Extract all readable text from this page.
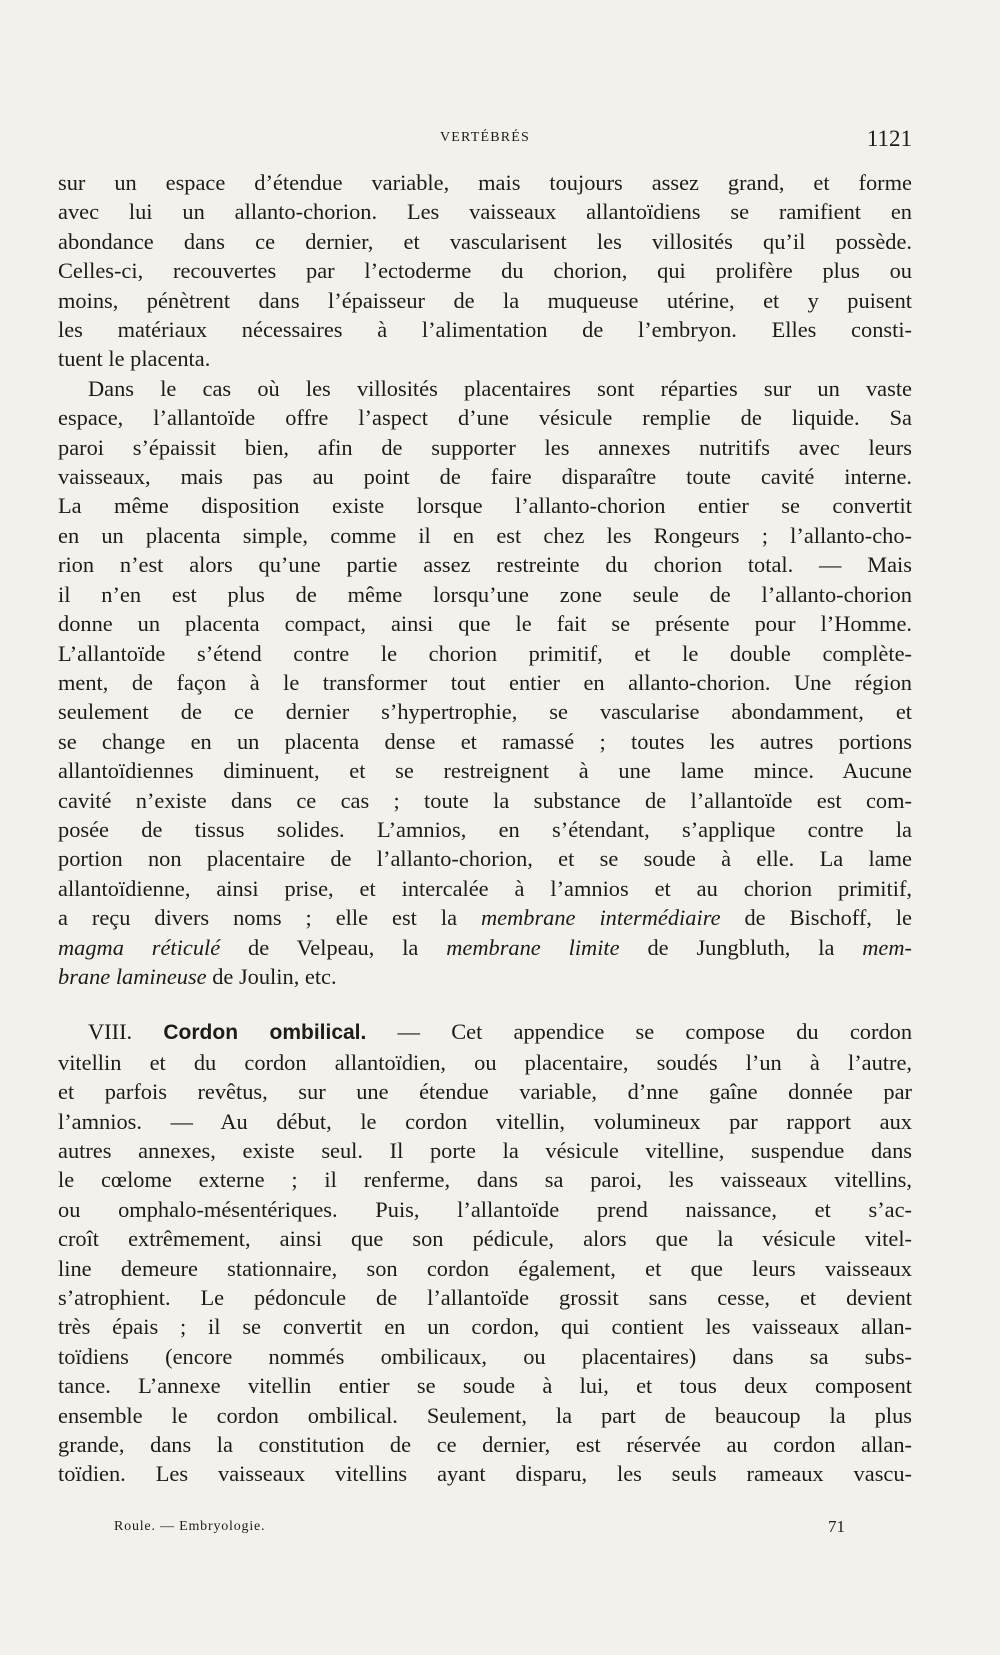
VERTÉBRÉS	1121
sur un espace d’étendue variable, mais toujours assez grand, et forme
avec lui un allanto-chorion. Les vaisseaux allantoïdiens se ramifient en
abondance dans ce dernier, et vascularisent les villosités qu’il possède.
Celles-ci, recouvertes par l’ectoderme du chorion, qui prolifère plus ou
moins, pénètrent dans l’épaisseur de la muqueuse utérine, et y puisent
les matériaux nécessaires à l’alimentation de l’embryon. Elles consti-
tuent le placenta.
Dans le cas où les villosités placentaires sont réparties sur un vaste
espace, l’allantoïde offre l’aspect d’une vésicule remplie de liquide. Sa
paroi s’épaissit bien, afin de supporter les annexes nutritifs avec leurs
vaisseaux, mais pas au point de faire disparaître toute cavité interne.
La même disposition existe lorsque l’allanto-chorion entier se convertit
en un placenta simple, comme il en est chez les Rongeurs ; l’allanto-cho-
rion n’est alors qu’une partie assez restreinte du chorion total. — Mais
il n’en est plus de même lorsqu’une zone seule de l’allanto-chorion
donne un placenta compact, ainsi que le fait se présente pour l’Homme.
L’allantoïde s’étend contre le chorion primitif, et le double complète-
ment, de façon à le transformer tout entier en allanto-chorion. Une région
seulement de ce dernier s’hypertrophie, se vascularise abondamment, et
se change en un placenta dense et ramassé ; toutes les autres portions
allantoïdiennes diminuent, et se restreignent à une lame mince. Aucune
cavité n’existe dans ce cas ; toute la substance de l’allantoïde est com-
posée de tissus solides. L’amnios, en s’étendant, s’applique contre la
portion non placentaire de l’allanto-chorion, et se soude à elle. La lame
allantoïdienne, ainsi prise, et intercalée à l’amnios et au chorion primitif,
a reçu divers noms ; elle est la membrane intermédiaire de Bischoff, le
magma réticulé de Velpeau, la membrane limite de Jungbluth, la mem-
brane lamineuse de Joulin, etc.
VIII. Cordon ombilical. — Cet appendice se compose du cordon
vitellin et du cordon allantoïdien, ou placentaire, soudés l’un à l’autre,
et parfois revêtus, sur une étendue variable, d’nne gaîne donnée par
l’amnios. — Au début, le cordon vitellin, volumineux par rapport aux
autres annexes, existe seul. Il porte la vésicule vitelline, suspendue dans
le cœlome externe ; il renferme, dans sa paroi, les vaisseaux vitellins,
ou omphalo-mésentériques. Puis, l’allantoïde prend naissance, et s’ac-
croît extrêmement, ainsi que son pédicule, alors que la vésicule vitel-
line demeure stationnaire, son cordon également, et que leurs vaisseaux
s’atrophient. Le pédoncule de l’allantoïde grossit sans cesse, et devient
très épais ; il se convertit en un cordon, qui contient les vaisseaux allan-
toïdiens (encore nommés ombilicaux, ou placentaires) dans sa subs-
tance. L’annexe vitellin entier se soude à lui, et tous deux composent
ensemble le cordon ombilical. Seulement, la part de beaucoup la plus
grande, dans la constitution de ce dernier, est réservée au cordon allan-
toïdien. Les vaisseaux vitellins ayant disparu, les seuls rameaux vascu-
Roule. — Embryologie.	71
